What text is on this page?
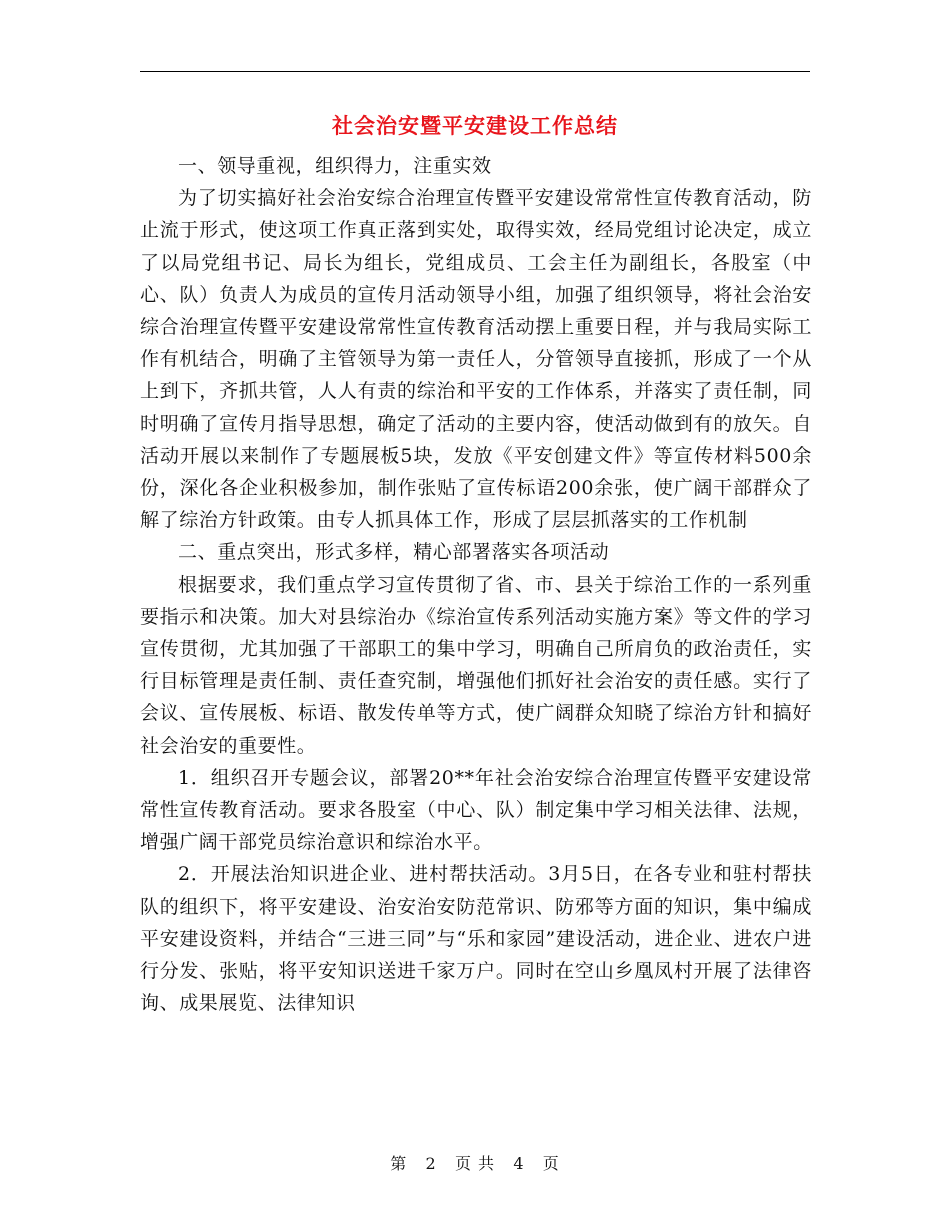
社会治安暨平安建设工作总结

一、领导重视，组织得力，注重实效

为了切实搞好社会治安综合治理宣传暨平安建设常常性宣传教育活动，防止流于形式，使这项工作真正落到实处，取得实效，经局党组讨论决定，成立了以局党组书记、局长为组长，党组成员、工会主任为副组长，各股室（中心、队）负责人为成员的宣传月活动领导小组，加强了组织领导，将社会治安综合治理宣传暨平安建设常常性宣传教育活动摆上重要日程，并与我局实际工作有机结合，明确了主管领导为第一责任人，分管领导直接抓，形成了一个从上到下，齐抓共管，人人有责的综治和平安的工作体系，并落实了责任制，同时明确了宣传月指导思想，确定了活动的主要内容，使活动做到有的放矢。自活动开展以来制作了专题展板5块，发放《平安创建文件》等宣传材料500余份，深化各企业积极参加，制作张贴了宣传标语200余张，使广阔干部群众了解了综治方针政策。由专人抓具体工作，形成了层层抓落实的工作机制

二、重点突出，形式多样，精心部署落实各项活动

根据要求，我们重点学习宣传贯彻了省、市、县关于综治工作的一系列重要指示和决策。加大对县综治办《综治宣传系列活动实施方案》等文件的学习宣传贯彻，尤其加强了干部职工的集中学习，明确自己所肩负的政治责任，实行目标管理是责任制、责任查究制，增强他们抓好社会治安的责任感。实行了会议、宣传展板、标语、散发传单等方式，使广阔群众知晓了综治方针和搞好社会治安的重要性。

1．组织召开专题会议，部署20**年社会治安综合治理宣传暨平安建设常常性宣传教育活动。要求各股室（中心、队）制定集中学习相关法律、法规，增强广阔干部党员综治意识和综治水平。

2．开展法治知识进企业、进村帮扶活动。3月5日，在各专业和驻村帮扶队的组织下，将平安建设、治安治安防范常识、防邪等方面的知识，集中编成平安建设资料，并结合“三进三同”与“乐和家园”建设活动，进企业、进农户进行分发、张贴，将平安知识送进千家万户。同时在空山乡凰凤村开展了法律咨询、成果展览、法律知识

第 2 页 共 4 页
